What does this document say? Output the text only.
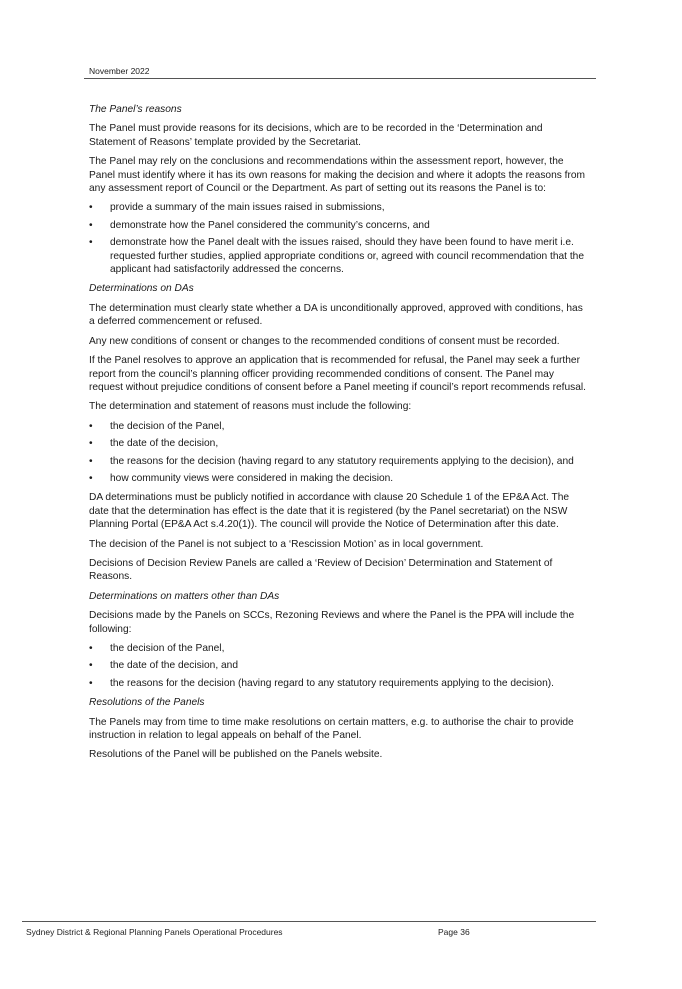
November 2022

The Panel’s reasons

The Panel must provide reasons for its decisions, which are to be recorded in the ‘Determination and Statement of Reasons’ template provided by the Secretariat.

The Panel may rely on the conclusions and recommendations within the assessment report, however, the Panel must identify where it has its own reasons for making the decision and where it adopts the reasons from any assessment report of Council or the Department. As part of setting out its reasons the Panel is to:

• provide a summary of the main issues raised in submissions,
• demonstrate how the Panel considered the community’s concerns, and
• demonstrate how the Panel dealt with the issues raised, should they have been found to have merit i.e. requested further studies, applied appropriate conditions or, agreed with council recommendation that the applicant had satisfactorily addressed the concerns.

Determinations on DAs

The determination must clearly state whether a DA is unconditionally approved, approved with conditions, has a deferred commencement or refused.

Any new conditions of consent or changes to the recommended conditions of consent must be recorded.

If the Panel resolves to approve an application that is recommended for refusal, the Panel may seek a further report from the council’s planning officer providing recommended conditions of consent. The Panel may request without prejudice conditions of consent before a Panel meeting if council’s report recommends refusal.

The determination and statement of reasons must include the following:

• the decision of the Panel,
• the date of the decision,
• the reasons for the decision (having regard to any statutory requirements applying to the decision), and
• how community views were considered in making the decision.

DA determinations must be publicly notified in accordance with clause 20 Schedule 1 of the EP&A Act. The date that the determination has effect is the date that it is registered (by the Panel secretariat) on the NSW Planning Portal (EP&A Act s.4.20(1)). The council will provide the Notice of Determination after this date.

The decision of the Panel is not subject to a ‘Rescission Motion’ as in local government.

Decisions of Decision Review Panels are called a ‘Review of Decision’ Determination and Statement of Reasons.

Determinations on matters other than DAs

Decisions made by the Panels on SCCs, Rezoning Reviews and where the Panel is the PPA will include the following:

• the decision of the Panel,
• the date of the decision, and
• the reasons for the decision (having regard to any statutory requirements applying to the decision).

Resolutions of the Panels

The Panels may from time to time make resolutions on certain matters, e.g. to authorise the chair to provide instruction in relation to legal appeals on behalf of the Panel.

Resolutions of the Panel will be published on the Panels website.

Sydney District & Regional Planning Panels Operational Procedures	Page 36
